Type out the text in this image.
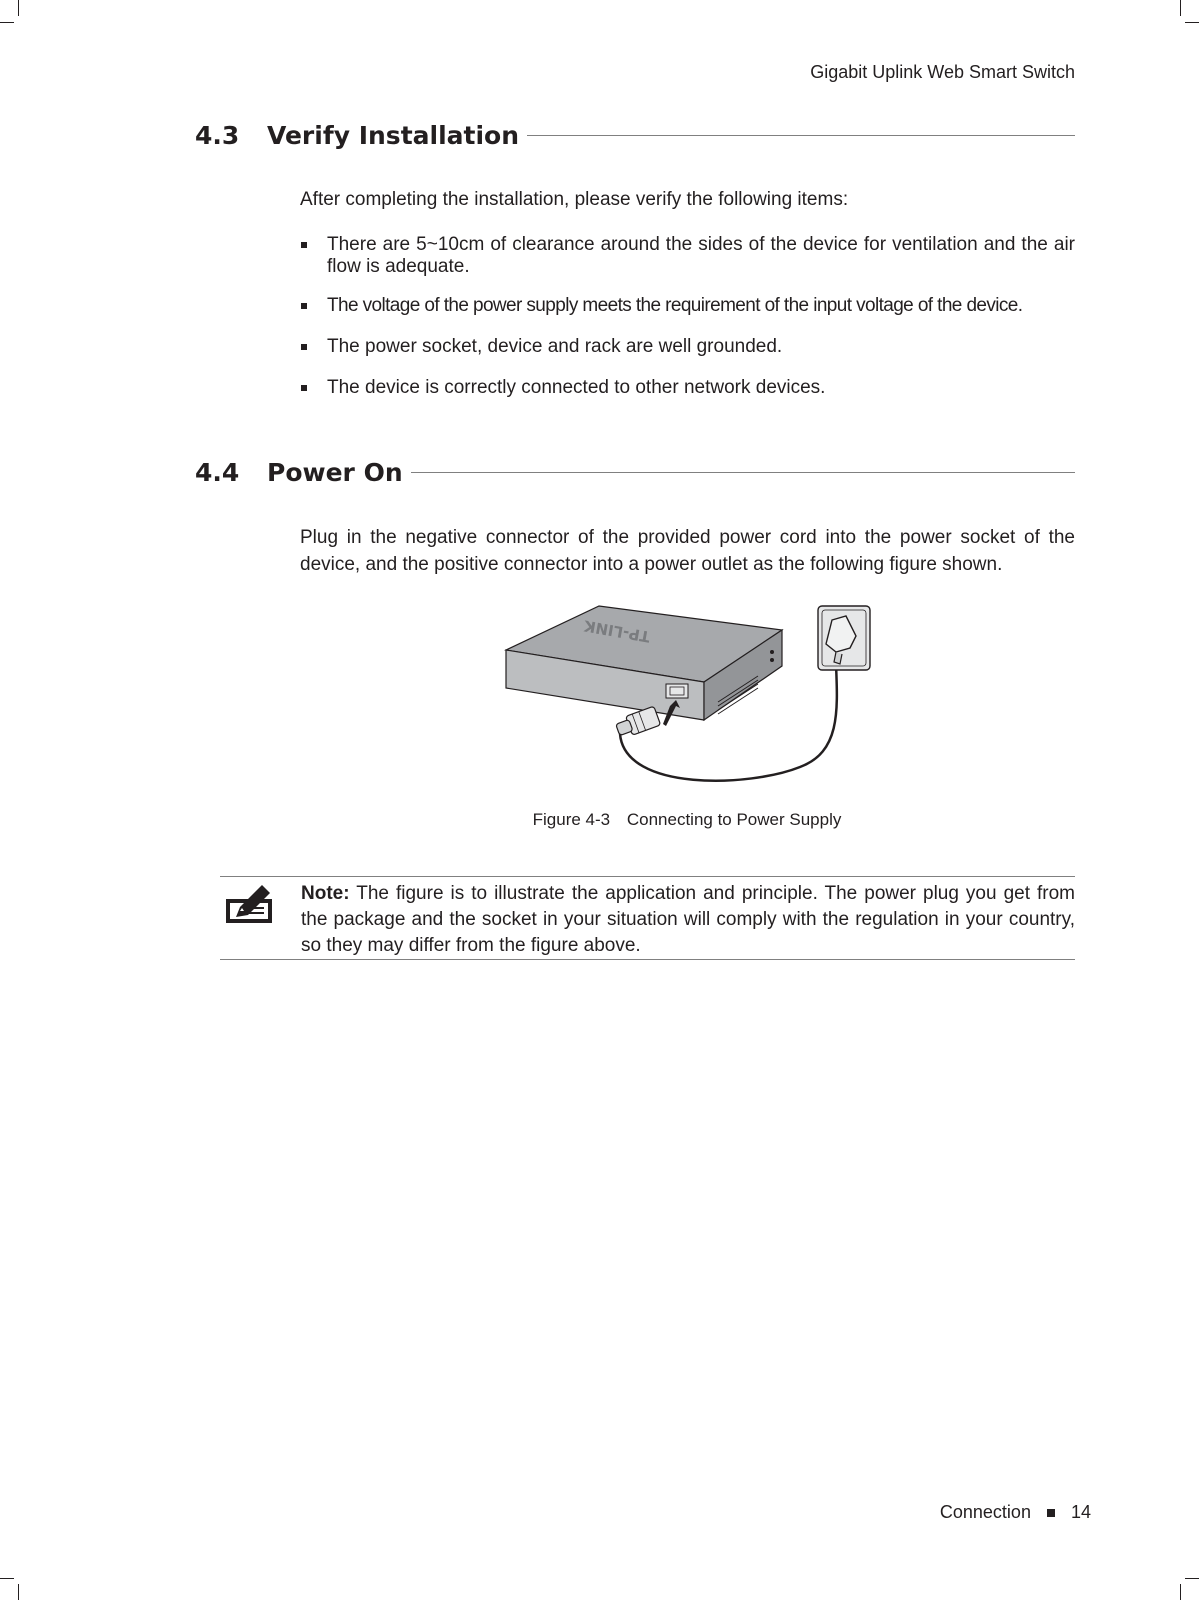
Gigabit Uplink Web Smart Switch
4.3	Verify Installation
After completing the installation, please verify the following items:
There are 5~10cm of clearance around the sides of the device for ventilation and the air flow is adequate.
The voltage of the power supply meets the requirement of the input voltage of the device.
The power socket, device and rack are well grounded.
The device is correctly connected to other network devices.
4.4	Power On
Plug in the negative connector of the provided power cord into the power socket of the device, and the positive connector into a power outlet as the following figure shown.
TP-LINK
Figure 4-3 Connecting to Power Supply
Note: The figure is to illustrate the application and principle. The power plug you get from the package and the socket in your situation will comply with the regulation in your country, so they may differ from the figure above.
Connection 14
